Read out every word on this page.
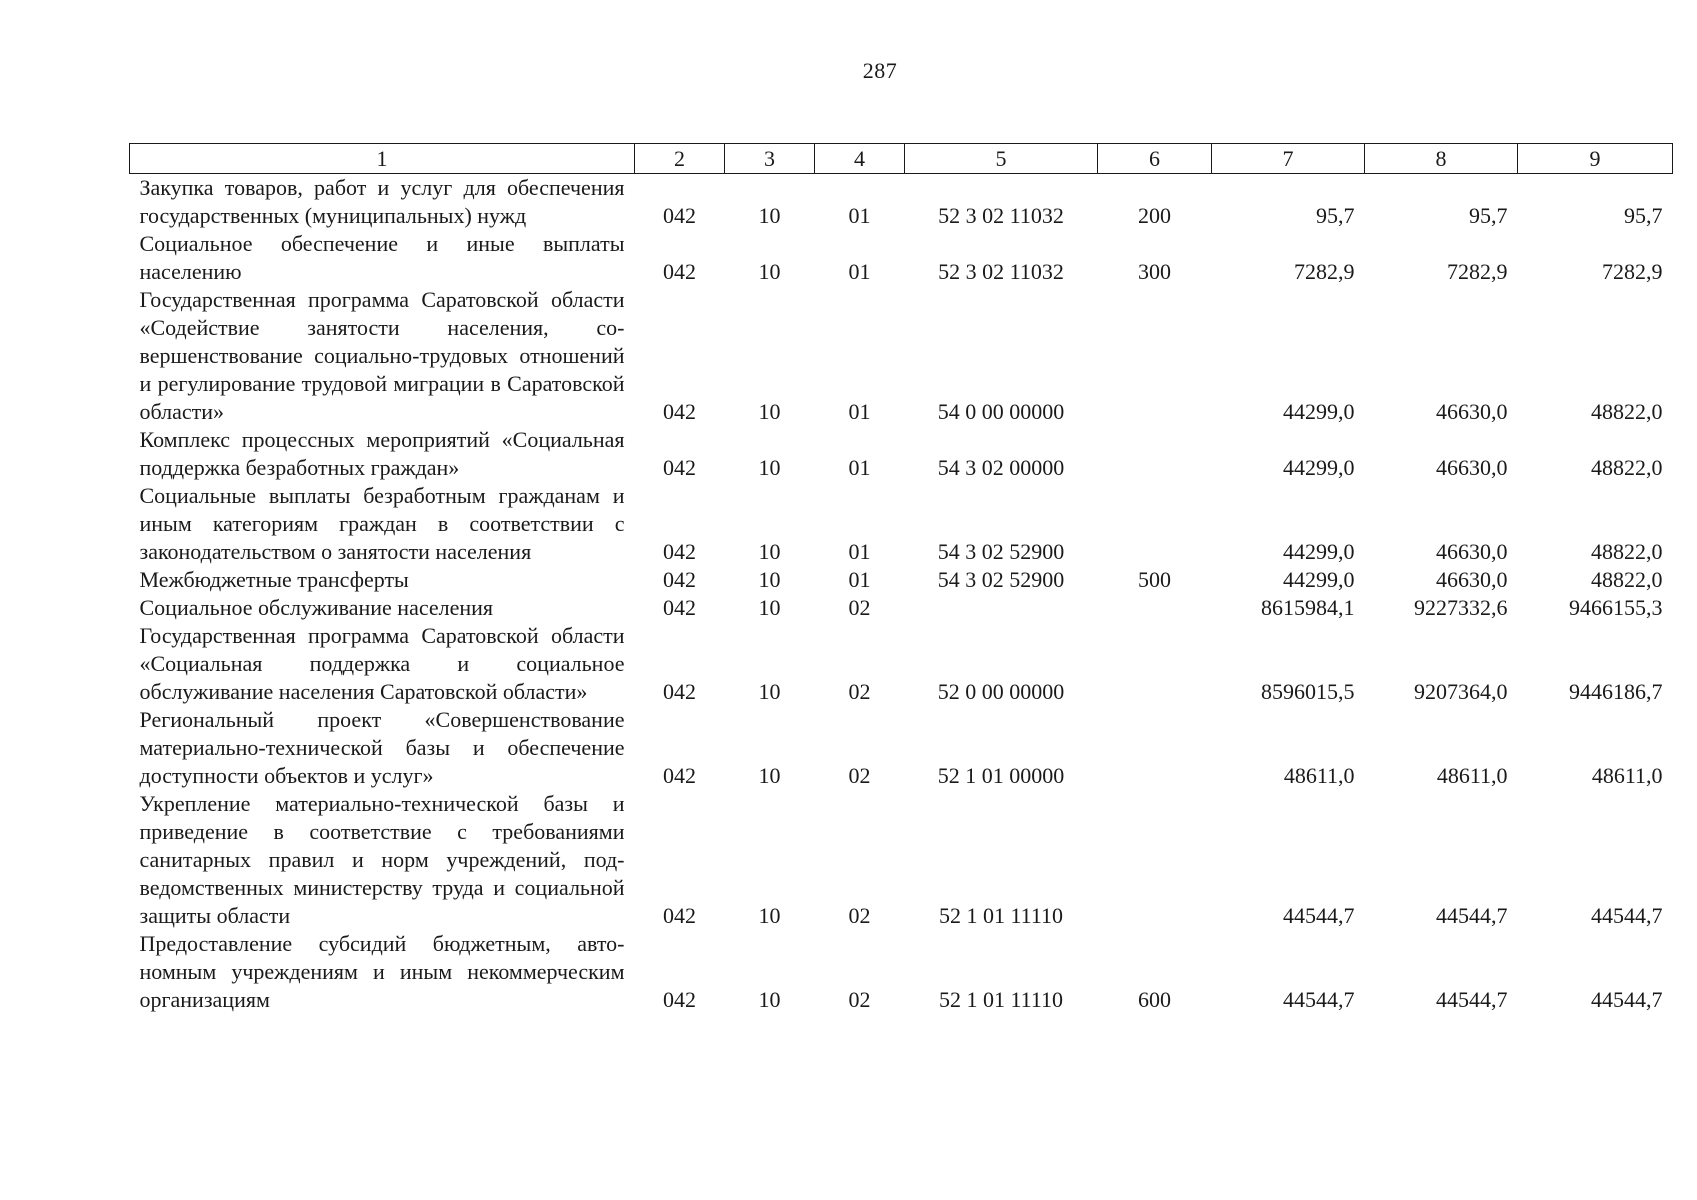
287
1	2	3	4	5	6	7	8	9
Закупка товаров, работ и услуг для обеспечения государственных (муниципальных) нужд	042	10	01	52 3 02 11032	200	95,7	95,7	95,7
Социальное обеспечение и иные выплаты населению	042	10	01	52 3 02 11032	300	7282,9	7282,9	7282,9
Государственная программа Саратовской области «Содействие занятости населения, совершенствование социально-трудовых отношений и регулирование трудовой миграции в Саратовской области»	042	10	01	54 0 00 00000		44299,0	46630,0	48822,0
Комплекс процессных мероприятий «Социальная поддержка безработных граждан»	042	10	01	54 3 02 00000		44299,0	46630,0	48822,0
Социальные выплаты безработным гражданам и иным категориям граждан в соответствии с законодательством о занятости населения	042	10	01	54 3 02 52900		44299,0	46630,0	48822,0
Межбюджетные трансферты	042	10	01	54 3 02 52900	500	44299,0	46630,0	48822,0
Социальное обслуживание населения	042	10	02			8615984,1	9227332,6	9466155,3
Государственная программа Саратовской области «Социальная поддержка и социальное обслуживание населения Саратовской области»	042	10	02	52 0 00 00000		8596015,5	9207364,0	9446186,7
Региональный проект «Совершенствование материально-технической базы и обеспечение доступности объектов и услуг»	042	10	02	52 1 01 00000		48611,0	48611,0	48611,0
Укрепление материально-технической базы и приведение в соответствие с требованиями санитарных правил и норм учреждений, подведомственных министерству труда и социальной защиты области	042	10	02	52 1 01 11110		44544,7	44544,7	44544,7
Предоставление субсидий бюджетным, автономным учреждениям и иным некоммерческим организациям	042	10	02	52 1 01 11110	600	44544,7	44544,7	44544,7
